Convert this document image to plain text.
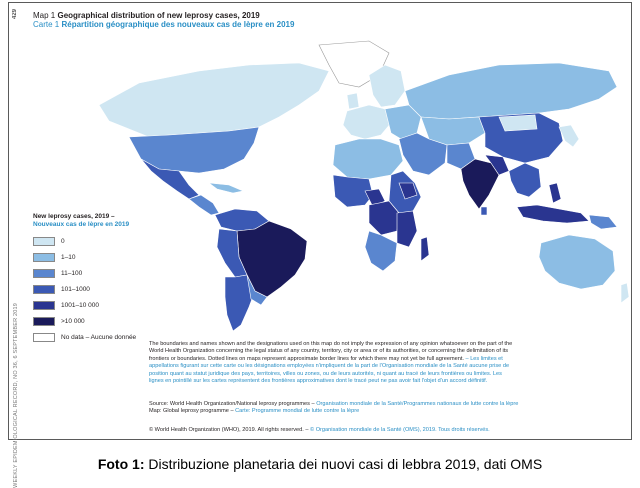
429
WEEKLY EPIDEMIOLOGICAL RECORD, NO 36, 6 SEPTEMBER 2019
Map 1 Geographical distribution of new leprosy cases, 2019
Carte 1 Répartition géographique des nouveaux cas de lèpre en 2019
New leprosy cases, 2019 –
Nouveaux cas de lèpre en 2019
0
1–10
11–100
101–1000
1001–10 000
>10 000
No data – Aucune donnée
The boundaries and names shown and the designations used on this map do not imply the expression of any opinion whatsoever on the part of the World Health Organization concerning the legal status of any country, territory, city or area or of its authorities, or concerning the delimitation of its frontiers or boundaries. Dotted lines on maps represent approximate border lines for which there may not yet be full agreement. – Les limites et appellations figurant sur cette carte ou les désignations employées n'impliquent de la part de l'Organisation mondiale de la Santé aucune prise de position quant au statut juridique des pays, territoires, villes ou zones, ou de leurs autorités, ni quant au tracé de leurs frontières ou limites. Les lignes en pointillé sur les cartes représentent des frontières approximatives dont le tracé peut ne pas avoir fait l'objet d'un accord définitif.
Source: World Health Organization/National leprosy programmes – Organisation mondiale de la Santé/Programmes nationaux de lutte contre la lèpre
Map: Global leprosy programme – Carte: Programme mondial de lutte contre la lèpre
© World Health Organization (WHO), 2019. All rights reserved. – © Organisation mondiale de la Santé (OMS), 2019. Tous droits réservés.
Foto 1: Distribuzione planetaria dei nuovi casi di lebbra 2019, dati OMS
